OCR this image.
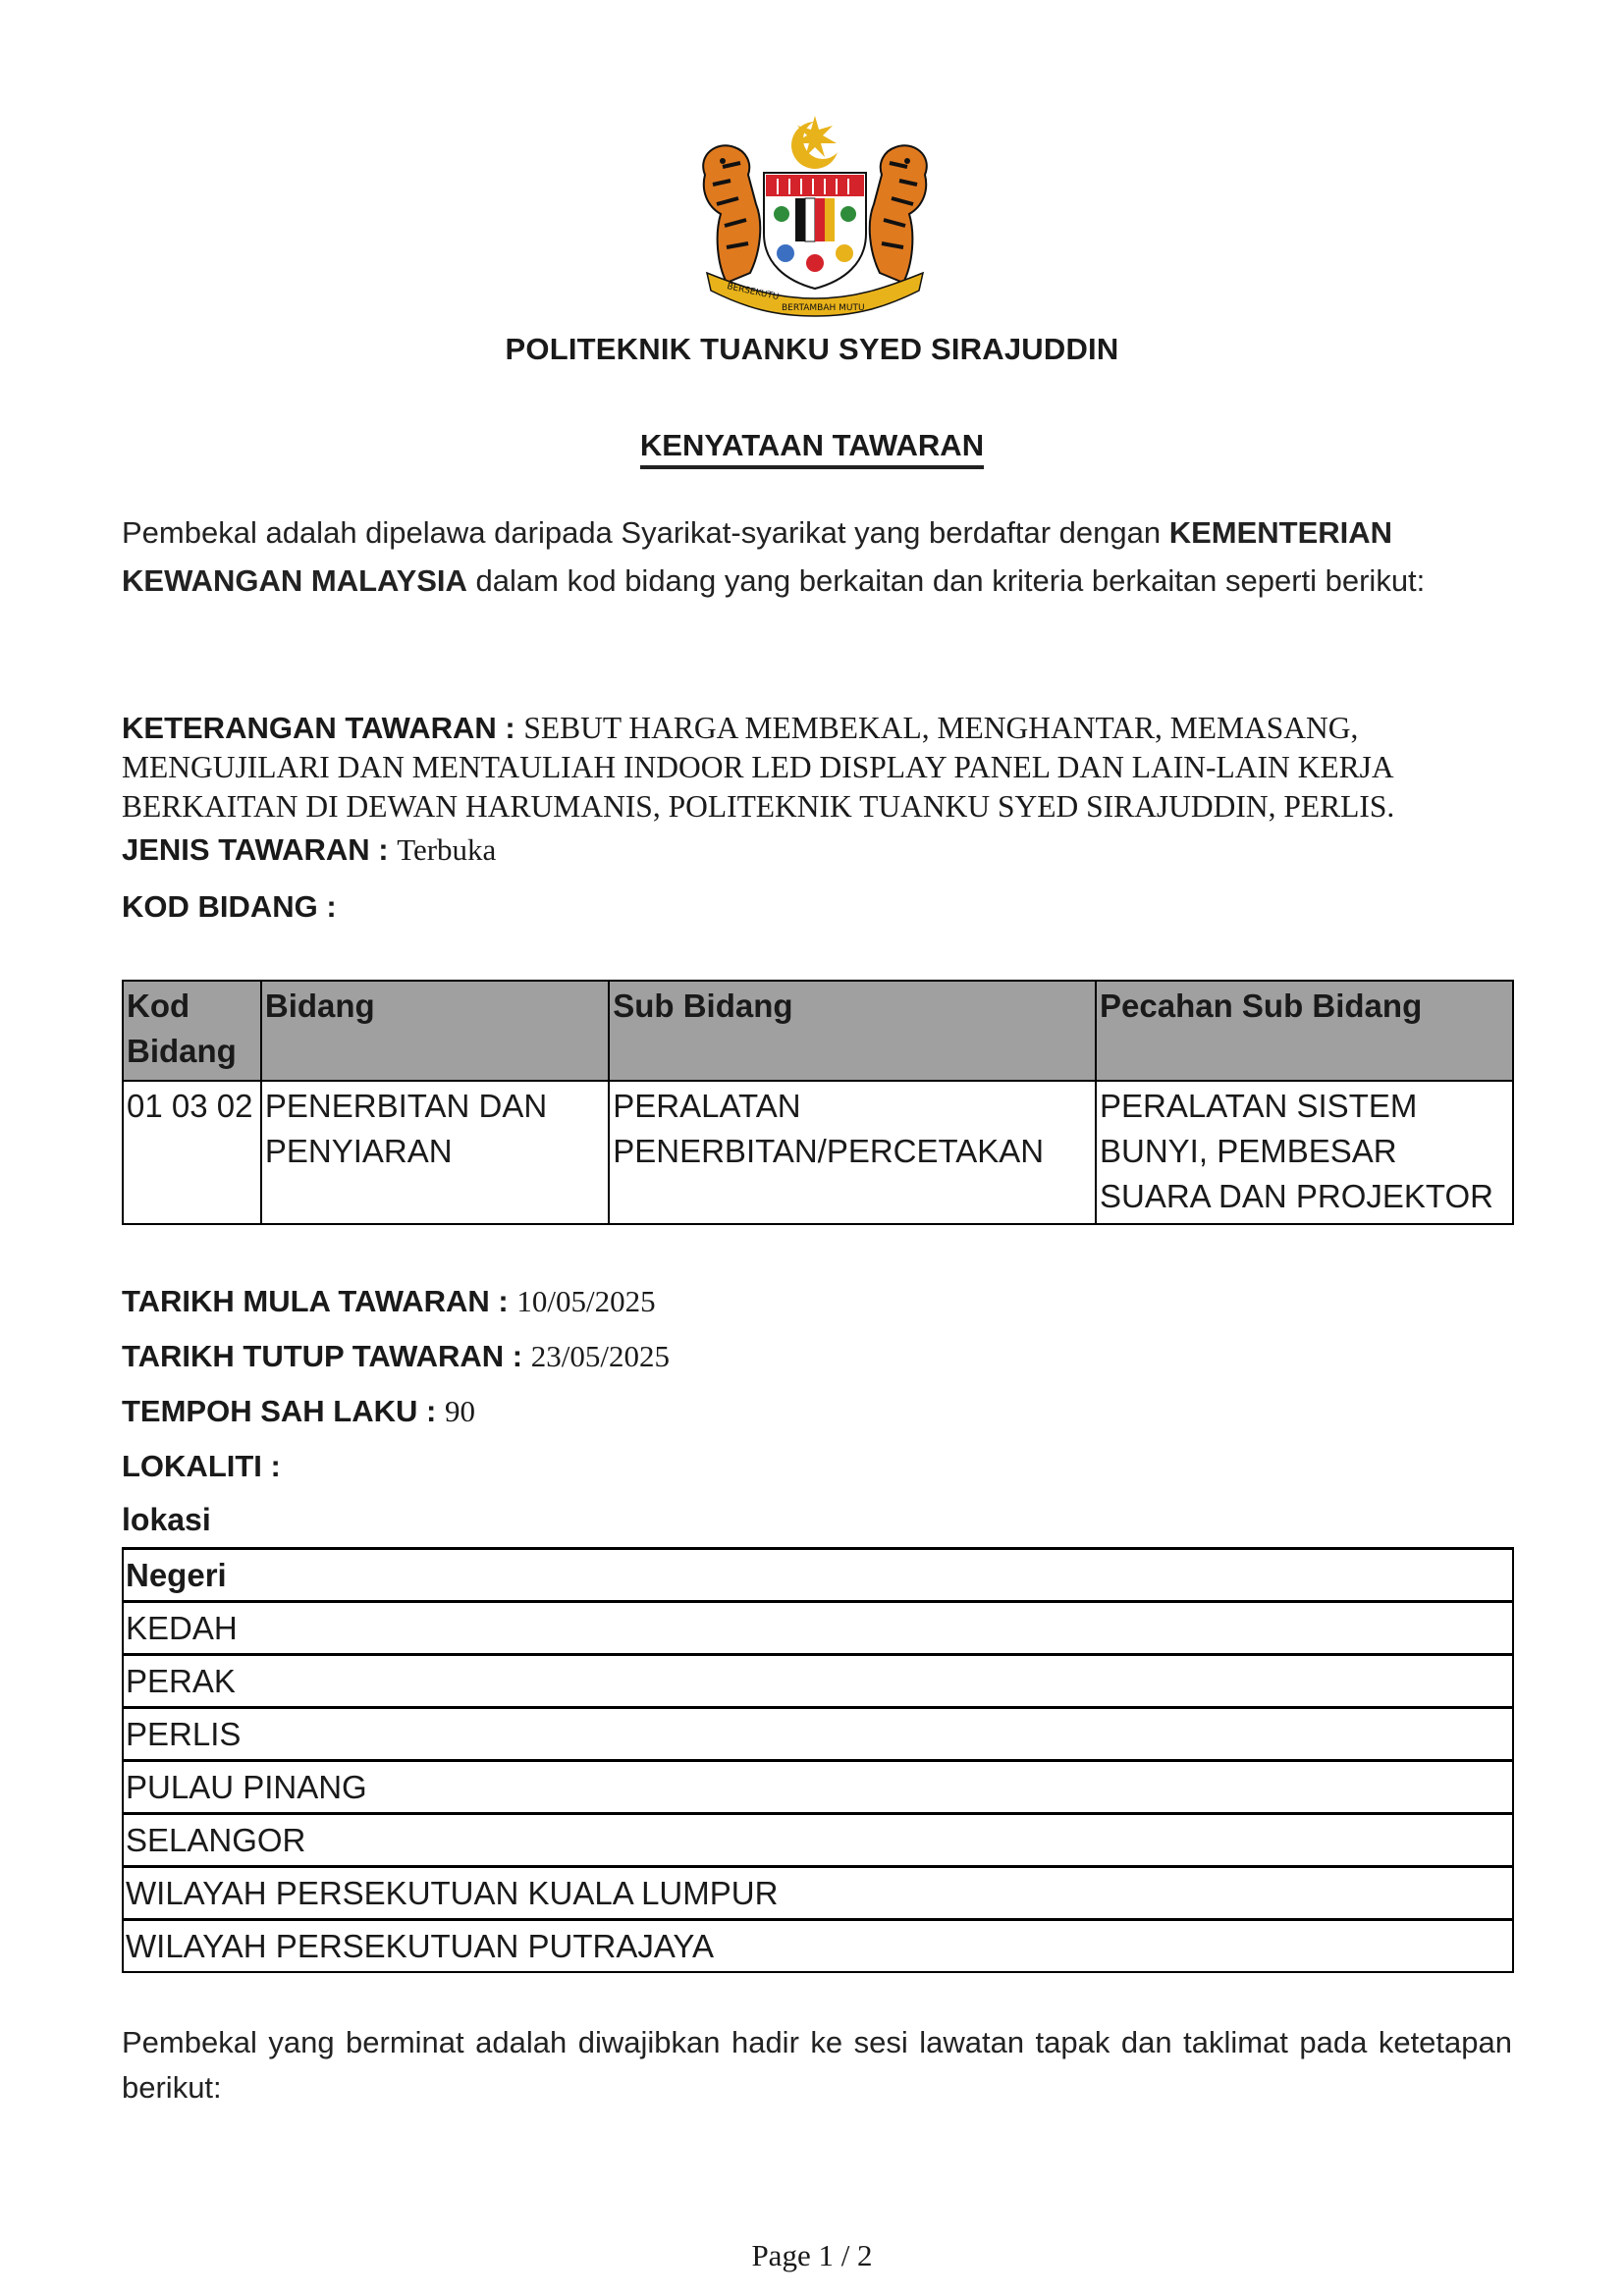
BERSEKUTU
BERTAMBAH MUTU
POLITEKNIK TUANKU SYED SIRAJUDDIN
KENYATAAN TAWARAN
Pembekal adalah dipelawa daripada Syarikat-syarikat yang berdaftar dengan KEMENTERIAN KEWANGAN MALAYSIA dalam kod bidang yang berkaitan dan kriteria berkaitan seperti berikut:
KETERANGAN TAWARAN : SEBUT HARGA MEMBEKAL, MENGHANTAR, MEMASANG, MENGUJILARI DAN MENTAULIAH INDOOR LED DISPLAY PANEL DAN LAIN-LAIN KERJA BERKAITAN DI DEWAN HARUMANIS, POLITEKNIK TUANKU SYED SIRAJUDDIN, PERLIS.
JENIS TAWARAN : Terbuka
KOD BIDANG :
Kod Bidang	Bidang	Sub Bidang	Pecahan Sub Bidang
01 03 02	PENERBITAN DAN PENYIARAN	PERALATAN PENERBITAN/PERCETAKAN	PERALATAN SISTEM BUNYI, PEMBESAR SUARA DAN PROJEKTOR
TARIKH MULA TAWARAN : 10/05/2025
TARIKH TUTUP TAWARAN : 23/05/2025
TEMPOH SAH LAKU : 90
LOKALITI :
lokasi
Negeri
KEDAH
PERAK
PERLIS
PULAU PINANG
SELANGOR
WILAYAH PERSEKUTUAN KUALA LUMPUR
WILAYAH PERSEKUTUAN PUTRAJAYA
Pembekal yang berminat adalah diwajibkan hadir ke sesi lawatan tapak dan taklimat pada ketetapan berikut:
Page 1 / 2
